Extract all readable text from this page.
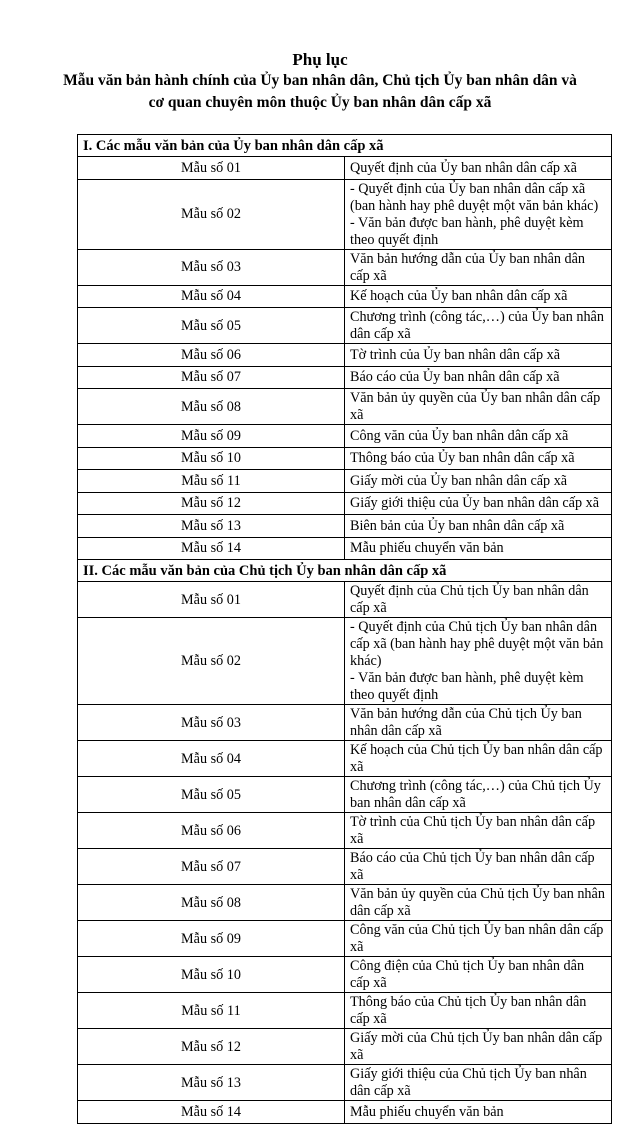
Phụ lục
Mẫu văn bản hành chính của Ủy ban nhân dân, Chủ tịch Ủy ban nhân dân và
cơ quan chuyên môn thuộc Ủy ban nhân dân cấp xã
I. Các mẫu văn bản của Ủy ban nhân dân cấp xã	
Mẫu số 01	Quyết định của Ủy ban nhân dân cấp xã

Mẫu số 02	- Quyết định của Ủy ban nhân dân cấp xã (ban hành hay phê duyệt một văn bản khác)
- Văn bản được ban hành, phê duyệt kèm theo quyết định

Mẫu số 03	Văn bản hướng dẫn của Ủy ban nhân dân cấp xã

Mẫu số 04	Kế hoạch của Ủy ban nhân dân cấp xã

Mẫu số 05	Chương trình (công tác,…) của Ủy ban nhân dân cấp xã

Mẫu số 06	Tờ trình của Ủy ban nhân dân cấp xã

Mẫu số 07	Báo cáo của Ủy ban nhân dân cấp xã

Mẫu số 08	Văn bản ủy quyền của Ủy ban nhân dân cấp xã

Mẫu số 09	Công văn của Ủy ban nhân dân cấp xã

Mẫu số 10	Thông báo của Ủy ban nhân dân cấp xã

Mẫu số 11	Giấy mời của Ủy ban nhân dân cấp xã

Mẫu số 12	Giấy giới thiệu của Ủy ban nhân dân cấp xã

Mẫu số 13	Biên bản của Ủy ban nhân dân cấp xã

Mẫu số 14	Mẫu phiếu chuyển văn bản

II. Các mẫu văn bản của Chủ tịch Ủy ban nhân dân cấp xã	
Mẫu số 01	Quyết định của Chủ tịch Ủy ban nhân dân cấp xã

Mẫu số 02	- Quyết định của Chủ tịch Ủy ban nhân dân cấp xã (ban hành hay phê duyệt một văn bản khác)
- Văn bản được ban hành, phê duyệt kèm theo quyết định

Mẫu số 03	Văn bản hướng dẫn của Chủ tịch Ủy ban nhân dân cấp xã

Mẫu số 04	Kế hoạch của Chủ tịch Ủy ban nhân dân cấp xã

Mẫu số 05	Chương trình (công tác,…) của Chủ tịch Ủy ban nhân dân cấp xã

Mẫu số 06	Tờ trình của Chủ tịch Ủy ban nhân dân cấp xã

Mẫu số 07	Báo cáo của Chủ tịch Ủy ban nhân dân cấp xã

Mẫu số 08	Văn bản ủy quyền của Chủ tịch Ủy ban nhân dân cấp xã

Mẫu số 09	Công văn của Chủ tịch Ủy ban nhân dân cấp xã

Mẫu số 10	Công điện của Chủ tịch Ủy ban nhân dân cấp xã

Mẫu số 11	Thông báo của Chủ tịch Ủy ban nhân dân cấp xã

Mẫu số 12	Giấy mời của Chủ tịch Ủy ban nhân dân cấp xã

Mẫu số 13	Giấy giới thiệu của Chủ tịch Ủy ban nhân dân cấp xã

Mẫu số 14	Mẫu phiếu chuyển văn bản
